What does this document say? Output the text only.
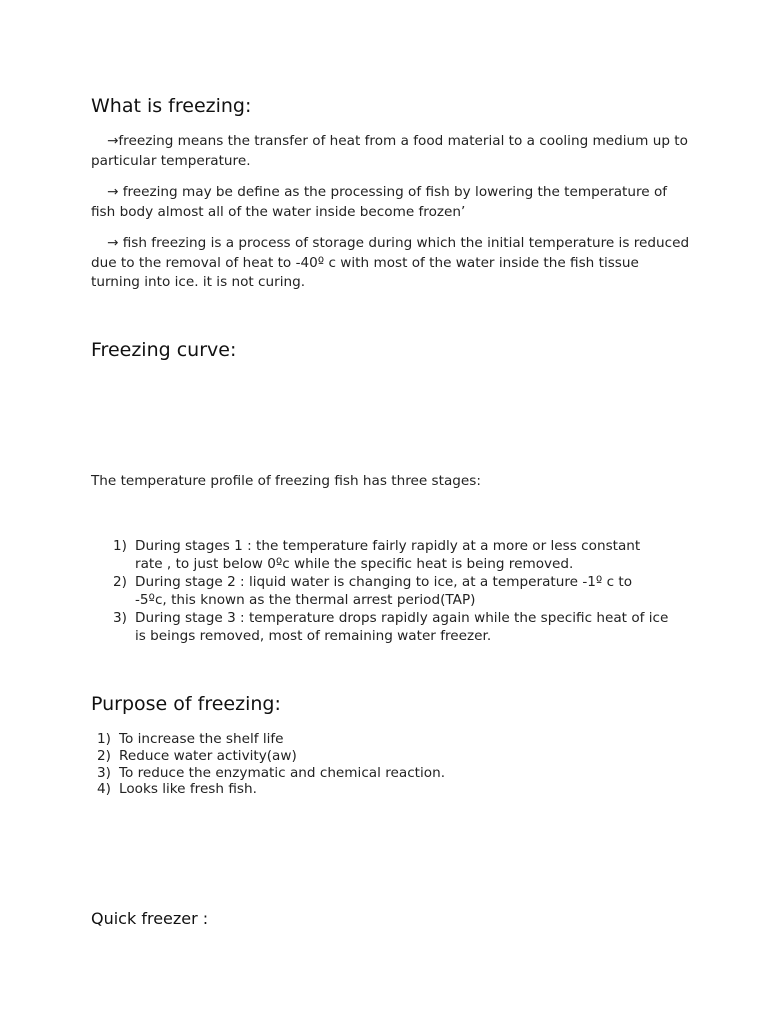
What is freezing:
→freezing means the transfer of heat from a food material to a cooling medium up to particular temperature.
→ freezing may be define as the processing of fish by lowering the temperature of fish body almost all of the water inside become frozen’
→ fish freezing is a process of storage during which the initial temperature is reduced due to the removal of heat to -40º c with most of the water inside the fish tissue turning into ice. it is not curing.
Freezing curve:
The temperature profile of freezing fish has three stages:
1) During stages 1 : the temperature fairly rapidly at a more or less constant
rate , to just below 0ºc while the specific heat is being removed.
2) During stage 2 : liquid water is changing to ice, at a temperature -1º c to
-5ºc, this known as the thermal arrest period(TAP)
3) During stage 3 : temperature drops rapidly again while the specific heat of ice
is beings removed, most of remaining water freezer.
Purpose of freezing:
1) To increase the shelf life
2) Reduce water activity(aw)
3) To reduce the enzymatic and chemical reaction.
4) Looks like fresh fish.
Quick freezer :
